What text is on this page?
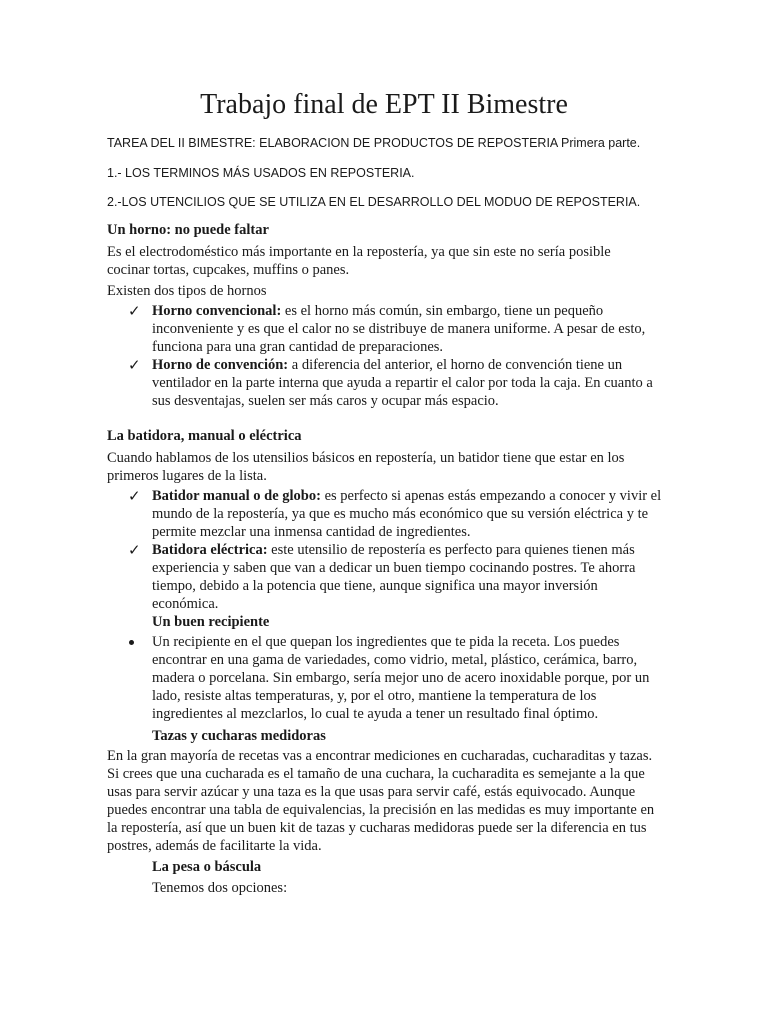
Trabajo final de EPT II Bimestre

TAREA DEL II BIMESTRE: ELABORACION DE PRODUCTOS DE REPOSTERIA Primera parte.

1.- LOS TERMINOS MÁS USADOS EN REPOSTERIA.

2.-LOS UTENCILIOS QUE SE UTILIZA EN EL DESARROLLO DEL MODUO DE REPOSTERIA.

Un horno: no puede faltar

Es el electrodoméstico más importante en la repostería, ya que sin este no sería posible cocinar tortas, cupcakes, muffins o panes.

Existen dos tipos de hornos

✓ Horno convencional: es el horno más común, sin embargo, tiene un pequeño inconveniente y es que el calor no se distribuye de manera uniforme. A pesar de esto, funciona para una gran cantidad de preparaciones.

✓ Horno de convención: a diferencia del anterior, el horno de convención tiene un ventilador en la parte interna que ayuda a repartir el calor por toda la caja. En cuanto a sus desventajas, suelen ser más caros y ocupar más espacio.

La batidora, manual o eléctrica

Cuando hablamos de los utensilios básicos en repostería, un batidor tiene que estar en los primeros lugares de la lista.

✓ Batidor manual o de globo: es perfecto si apenas estás empezando a conocer y vivir el mundo de la repostería, ya que es mucho más económico que su versión eléctrica y te permite mezclar una inmensa cantidad de ingredientes.

✓ Batidora eléctrica: este utensilio de repostería es perfecto para quienes tienen más experiencia y saben que van a dedicar un buen tiempo cocinando postres. Te ahorra tiempo, debido a la potencia que tiene, aunque significa una mayor inversión económica.

Un buen recipiente

Un recipiente en el que quepan los ingredientes que te pida la receta. Los puedes encontrar en una gama de variedades, como vidrio, metal, plástico, cerámica, barro, madera o porcelana. Sin embargo, sería mejor uno de acero inoxidable porque, por un lado, resiste altas temperaturas, y, por el otro, mantiene la temperatura de los ingredientes al mezclarlos, lo cual te ayuda a tener un resultado final óptimo.

Tazas y cucharas medidoras

En la gran mayoría de recetas vas a encontrar mediciones en cucharadas, cucharaditas y tazas. Si crees que una cucharada es el tamaño de una cuchara, la cucharadita es semejante a la que usas para servir azúcar y una taza es la que usas para servir café, estás equivocado. Aunque puedes encontrar una tabla de equivalencias, la precisión en las medidas es muy importante en la repostería, así que un buen kit de tazas y cucharas medidoras puede ser la diferencia en tus postres, además de facilitarte la vida.

La pesa o báscula

Tenemos dos opciones:
